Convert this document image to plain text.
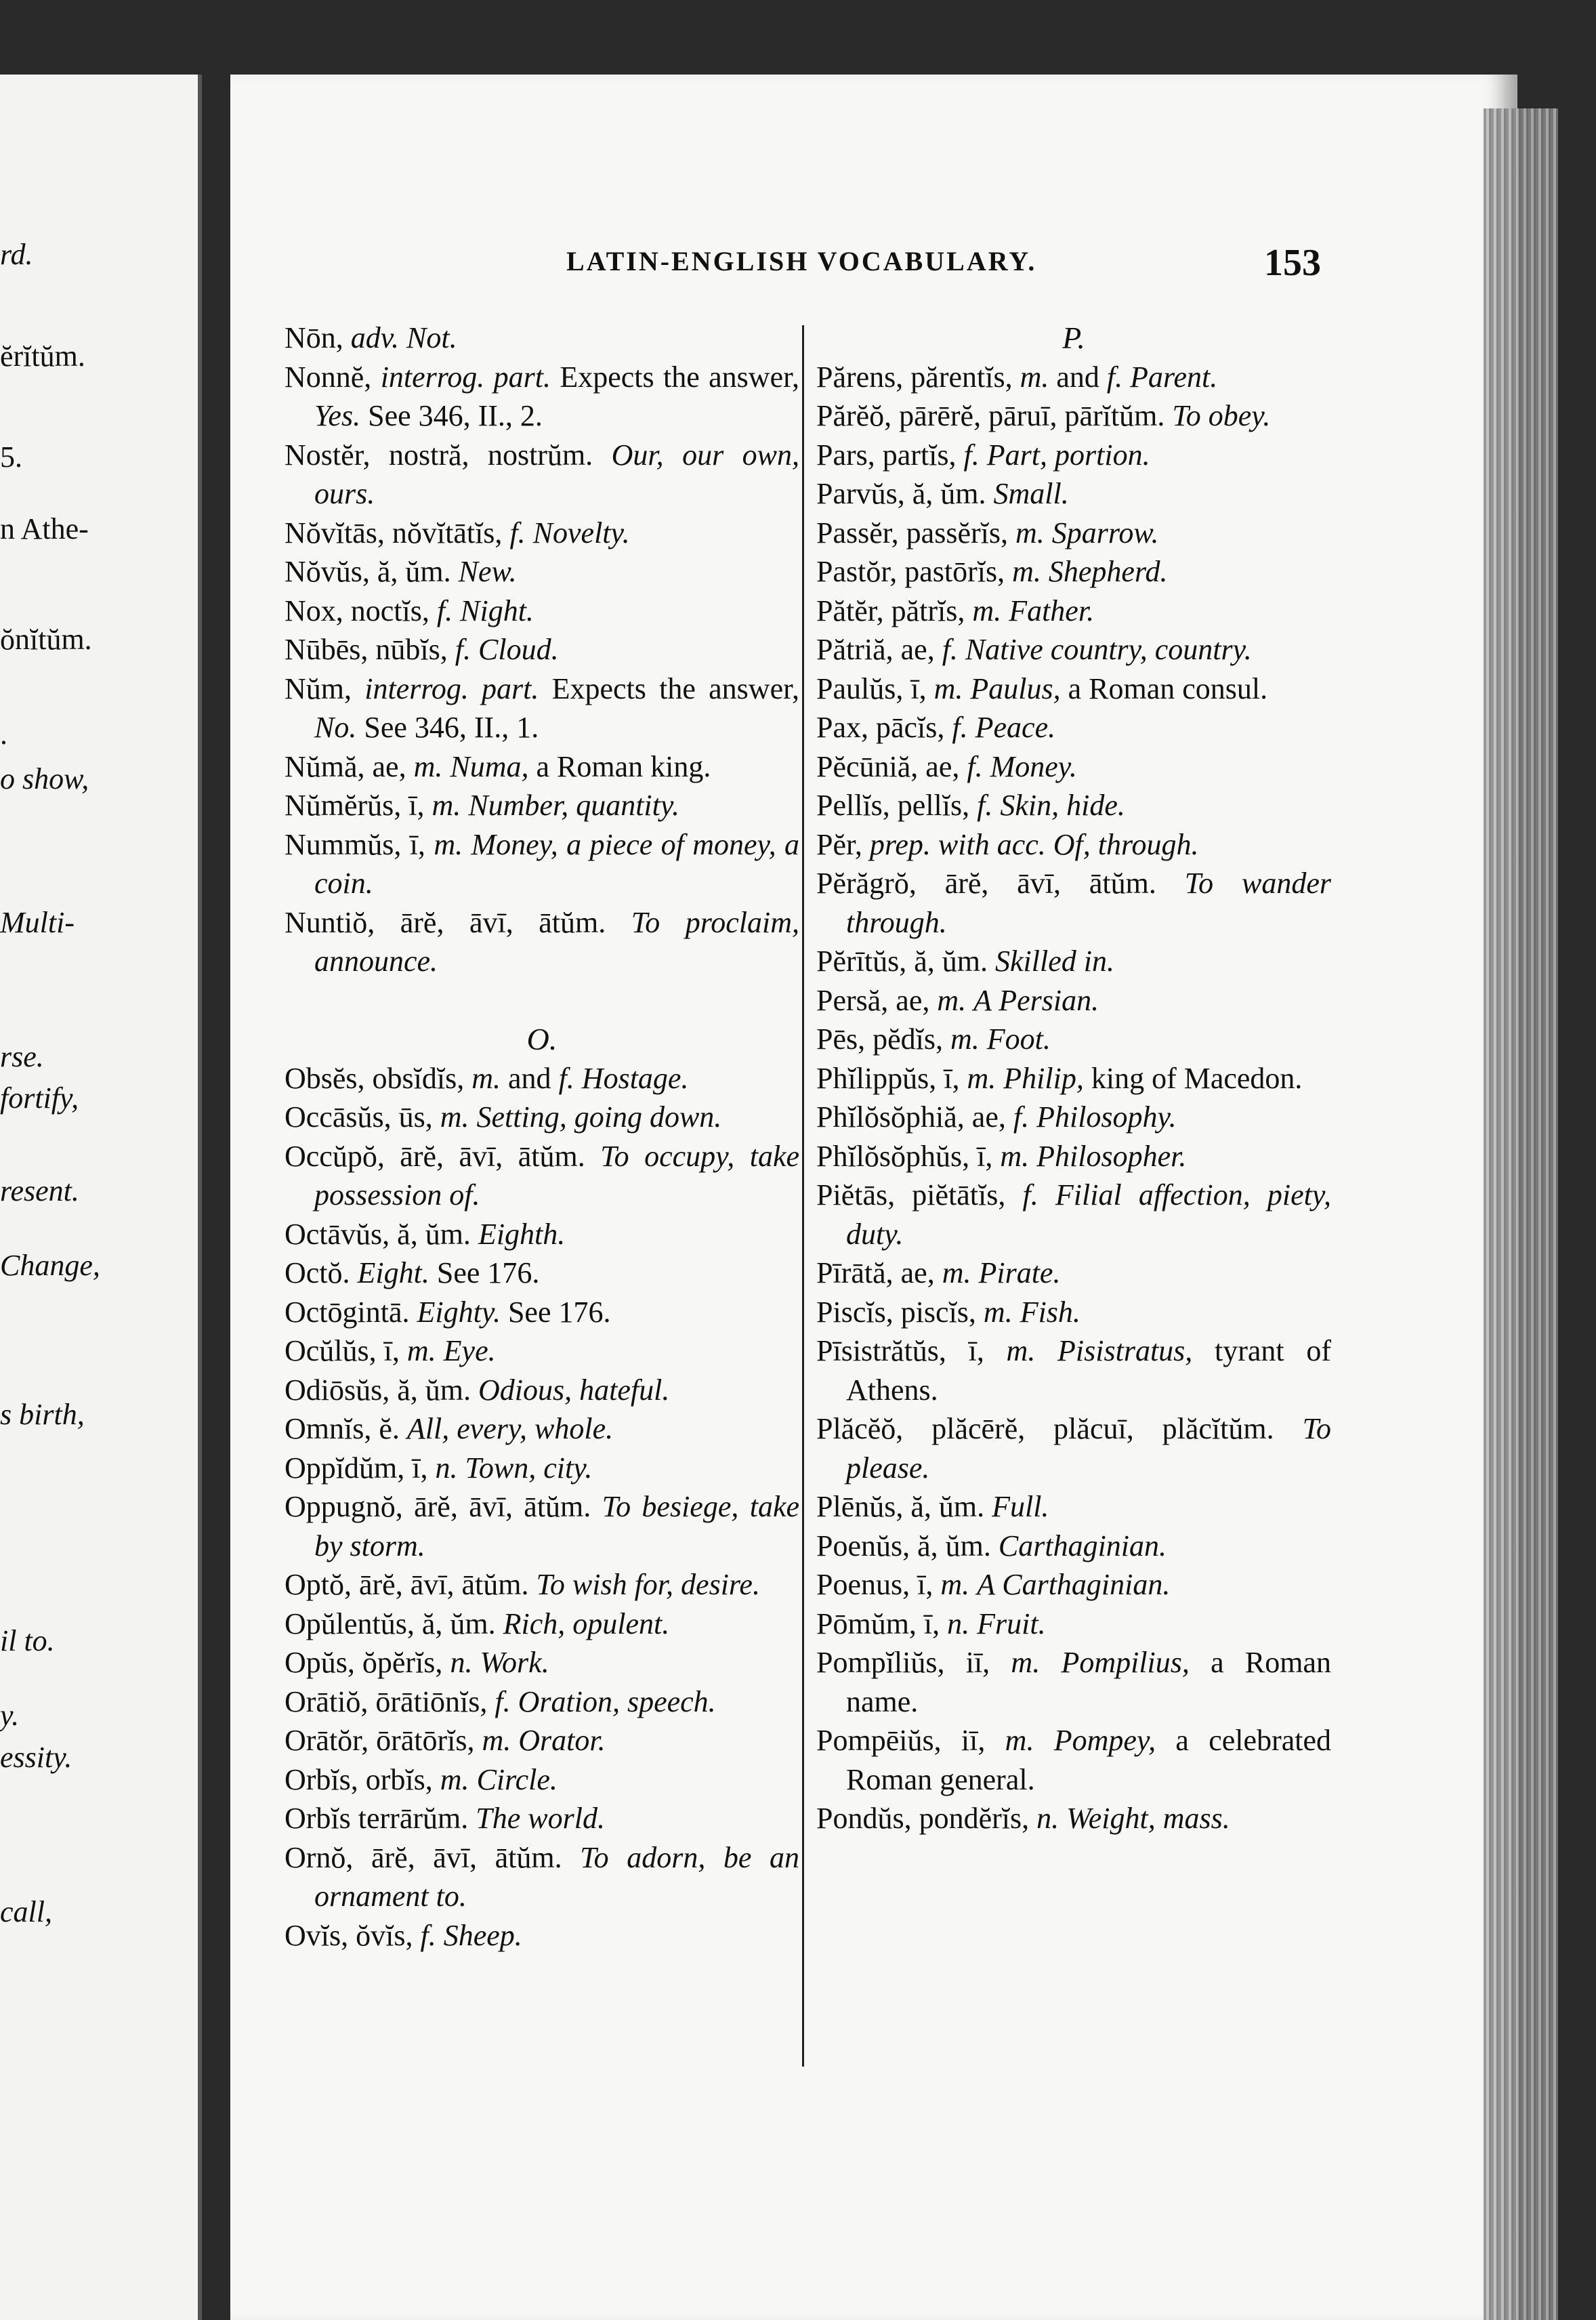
rd.
ĕrĭtŭm.
5.
n Athe-
ŏnĭtŭm.
.
o show,
Multi-
rse.
fortify,
resent.
Change,
s birth,
il to.
y.
essity.
call,
LATIN-ENGLISH VOCABULARY.	153
Nōn, adv. Not.
Nonnĕ, interrog. part. Expects the answer, Yes. See 346, II., 2.
Nostĕr, nostră, nostrŭm. Our, our own, ours.
Nŏvĭtās, nŏvĭtātĭs, f. Novelty.
Nŏvŭs, ă, ŭm. New.
Nox, noctĭs, f. Night.
Nūbēs, nūbĭs, f. Cloud.
Nŭm, interrog. part. Expects the answer, No. See 346, II., 1.
Nŭmă, ae, m. Numa, a Roman king.
Nŭmĕrŭs, ī, m. Number, quantity.
Nummŭs, ī, m. Money, a piece of money, a coin.
Nuntiŏ, ārĕ, āvī, ātŭm. To proclaim, announce.
O.
Obsĕs, obsĭdĭs, m. and f. Hostage.
Occāsŭs, ūs, m. Setting, going down.
Occŭpŏ, ārĕ, āvī, ātŭm. To occupy, take possession of.
Octāvŭs, ă, ŭm. Eighth.
Octŏ. Eight. See 176.
Octōgintā. Eighty. See 176.
Ocŭlŭs, ī, m. Eye.
Odiōsŭs, ă, ŭm. Odious, hateful.
Omnĭs, ĕ. All, every, whole.
Oppĭdŭm, ī, n. Town, city.
Oppugnŏ, ārĕ, āvī, ātŭm. To besiege, take by storm.
Optŏ, ārĕ, āvī, ātŭm. To wish for, desire.
Opŭlentŭs, ă, ŭm. Rich, opulent.
Opŭs, ŏpĕrĭs, n. Work.
Orātiŏ, ōrātiōnĭs, f. Oration, speech.
Orātŏr, ōrātōrĭs, m. Orator.
Orbĭs, orbĭs, m. Circle.
Orbĭs terrārŭm. The world.
Ornŏ, ārĕ, āvī, ātŭm. To adorn, be an ornament to.
Ovĭs, ŏvĭs, f. Sheep.
P.
Părens, părentĭs, m. and f. Parent.
Părĕŏ, pārērĕ, pāruī, pārĭtŭm. To obey.
Pars, partĭs, f. Part, portion.
Parvŭs, ă, ŭm. Small.
Passĕr, passĕrĭs, m. Sparrow.
Pastŏr, pastōrĭs, m. Shepherd.
Pătĕr, pătrĭs, m. Father.
Pătriă, ae, f. Native country, country.
Paulŭs, ī, m. Paulus, a Roman consul.
Pax, pācĭs, f. Peace.
Pĕcūniă, ae, f. Money.
Pellĭs, pellĭs, f. Skin, hide.
Pĕr, prep. with acc. Of, through.
Pĕrăgrŏ, ārĕ, āvī, ātŭm. To wander through.
Pĕrītŭs, ă, ŭm. Skilled in.
Persă, ae, m. A Persian.
Pēs, pĕdĭs, m. Foot.
Phĭlippŭs, ī, m. Philip, king of Macedon.
Phĭlŏsŏphiă, ae, f. Philosophy.
Phĭlŏsŏphŭs, ī, m. Philosopher.
Piĕtās, piĕtātĭs, f. Filial affection, piety, duty.
Pīrātă, ae, m. Pirate.
Piscĭs, piscĭs, m. Fish.
Pīsistrătŭs, ī, m. Pisistratus, tyrant of Athens.
Plăcĕŏ, plăcērĕ, plăcuī, plăcĭtŭm. To please.
Plēnŭs, ă, ŭm. Full.
Poenŭs, ă, ŭm. Carthaginian.
Poenus, ī, m. A Carthaginian.
Pōmŭm, ī, n. Fruit.
Pompĭliŭs, iī, m. Pompilius, a Roman name.
Pompēiŭs, iī, m. Pompey, a celebrated Roman general.
Pondŭs, pondĕrĭs, n. Weight, mass.
